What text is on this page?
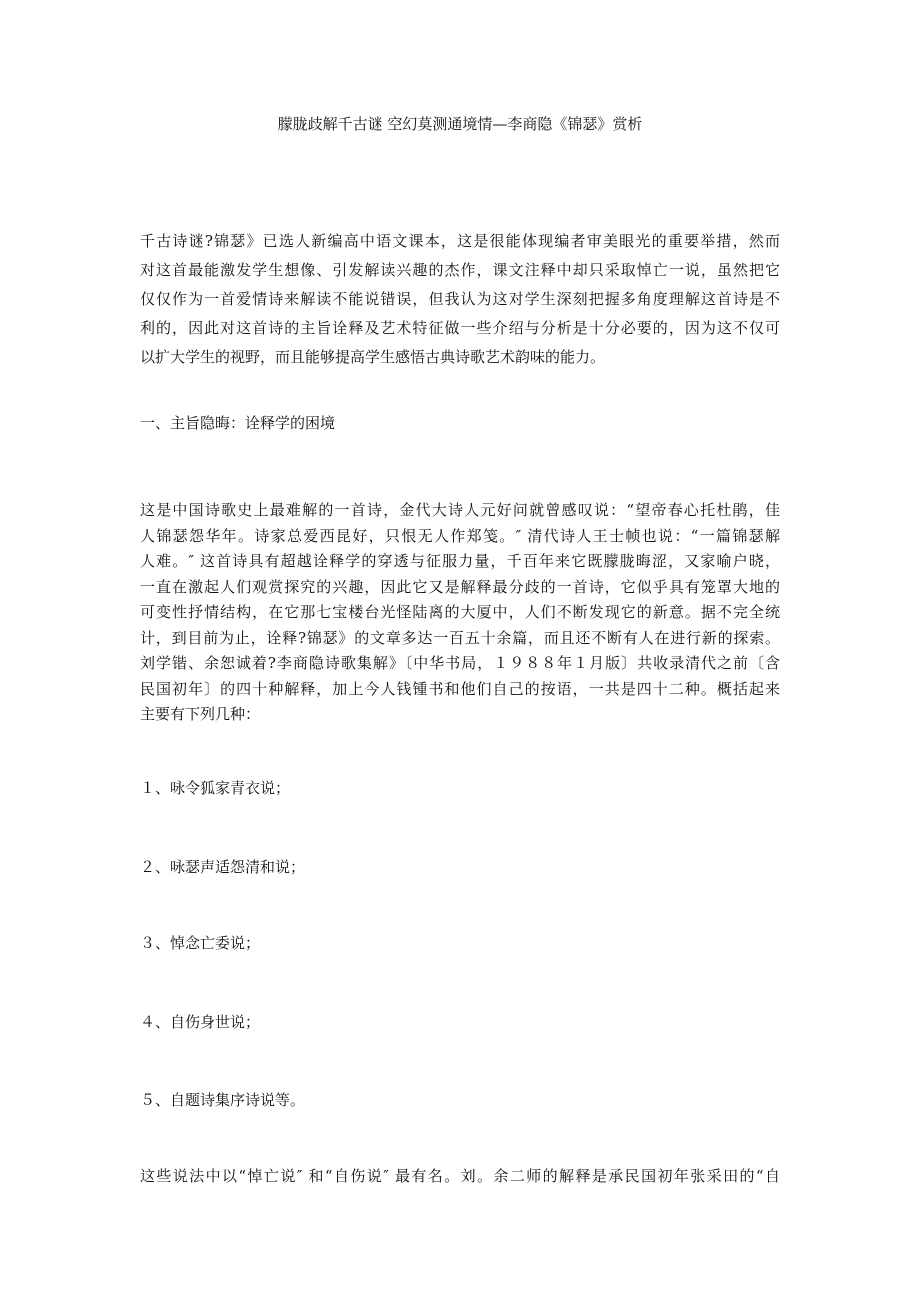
朦胧歧解千古谜 空幻莫测通境情—李商隐《锦瑟》赏析
千古诗谜?锦瑟》已选人新编高中语文课本，这是很能体现编者审美眼光的重要举措，然而
对这首最能激发学生想像、引发解读兴趣的杰作，课文注释中却只采取悼亡一说，虽然把它
仅仅作为一首爱情诗来解读不能说错误，但我认为这对学生深刻把握多角度理解这首诗是不
利的，因此对这首诗的主旨诠释及艺术特征做一些介绍与分析是十分必要的，因为这不仅可
以扩大学生的视野，而且能够提高学生感悟古典诗歌艺术韵味的能力。
一、主旨隐晦：诠释学的困境
这是中国诗歌史上最难解的一首诗，金代大诗人元好问就曾感叹说：“望帝春心托杜鹃，佳
人锦瑟怨华年。诗家总爱西昆好，只恨无人作郑笺。″ 清代诗人王士帧也说：“一篇锦瑟解
人难。″ 这首诗具有超越诠释学的穿透与征服力量，千百年来它既朦胧晦涩，又家喻户晓，
一直在激起人们观赏探究的兴趣，因此它又是解释最分歧的一首诗，它似乎具有笼罩大地的
可变性抒情结构，在它那七宝楼台光怪陆离的大厦中，人们不断发现它的新意。据不完全统
计，到目前为止，诠释?锦瑟》的文章多达一百五十余篇，而且还不断有人在进行新的探索。
刘学锴、余恕诚着?李商隐诗歌集解》〔中华书局，１９８８年１月版〕共收录清代之前〔含
民国初年〕的四十种解释，加上今人钱锺书和他们自己的按语，一共是四十二种。概括起来
主要有下列几种：
１、咏令狐家青衣说；
２、咏瑟声适怨清和说；
３、悼念亡委说；
４、自伤身世说；
５、自题诗集序诗说等。
这些说法中以“悼亡说″ 和“自伤说″ 最有名。刘。余二师的解释是承民国初年张采田的“自
